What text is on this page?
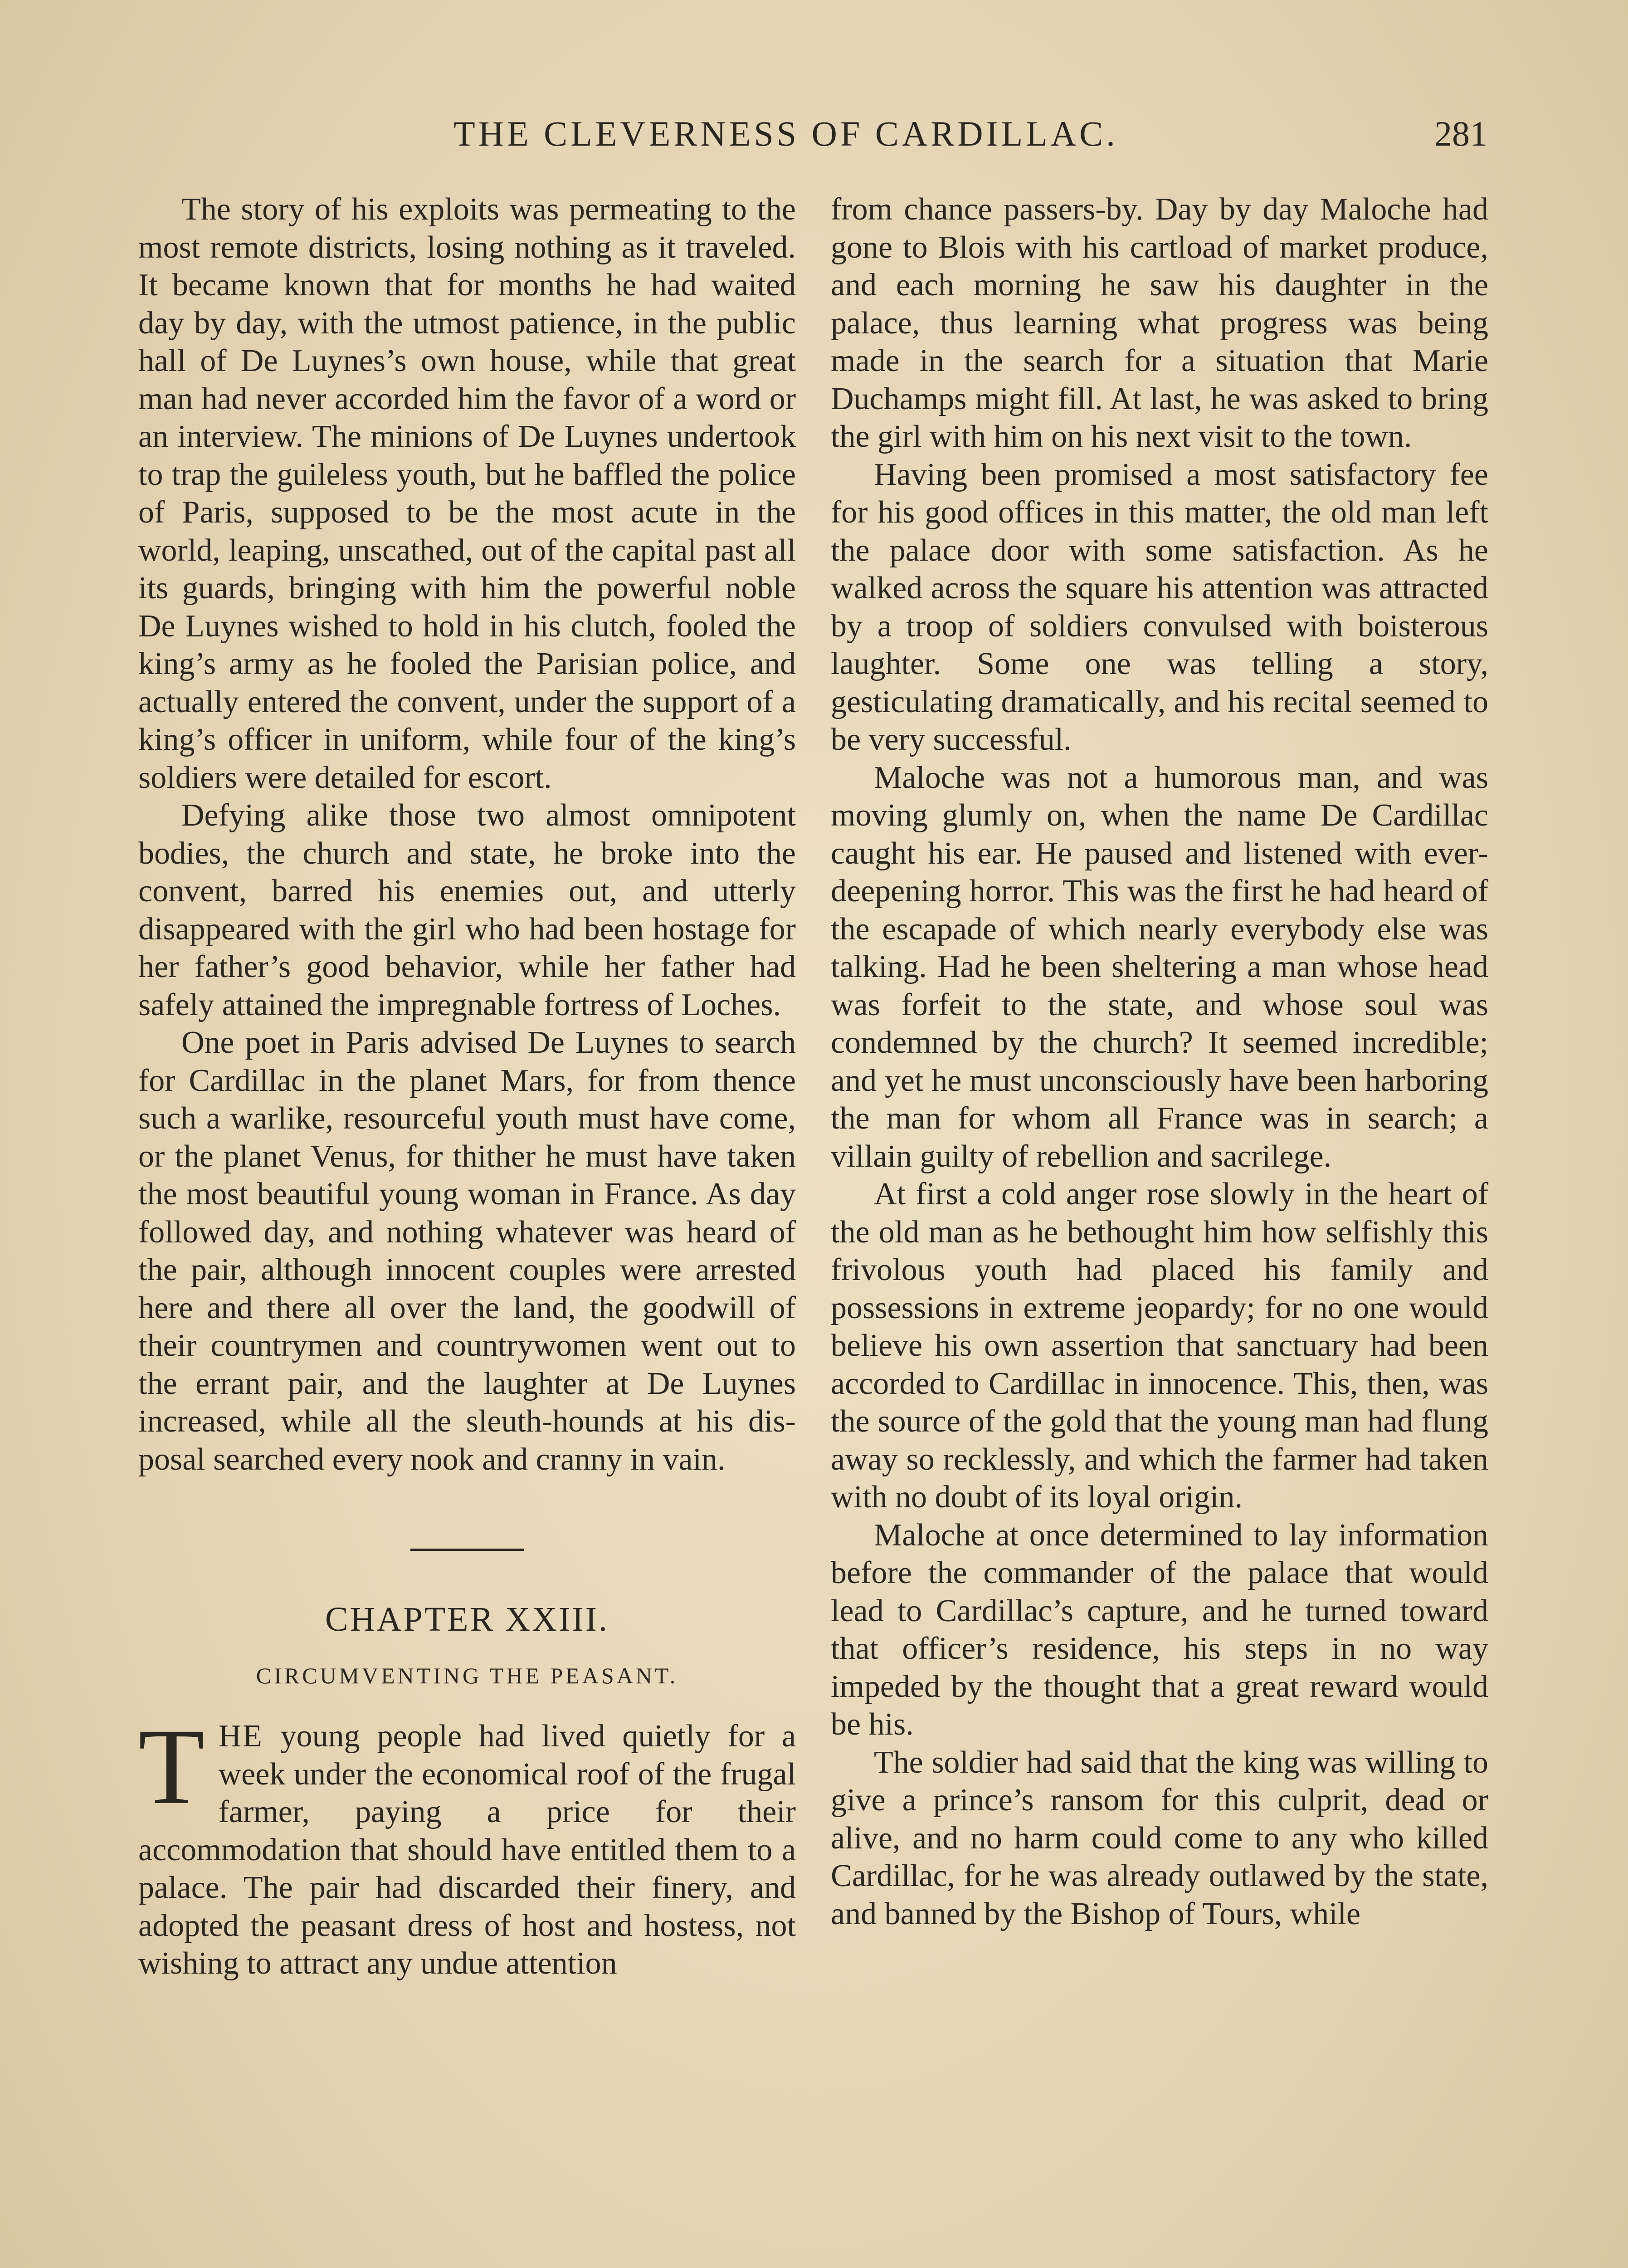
THE CLEVERNESS OF CARDILLAC.	281

The story of his exploits was permeating to the most remote districts, losing nothing as it traveled. It became known that for months he had waited day by day, with the utmost patience, in the public hall of De Luynes’s own house, while that great man had never accorded him the favor of a word or an interview. The minions of De Luynes undertook to trap the guileless youth, but he baffled the police of Paris, supposed to be the most acute in the world, leaping, unscathed, out of the capital past all its guards, bringing with him the powerful noble De Luynes wished to hold in his clutch, fooled the king’s army as he fooled the Parisian police, and actually entered the convent, under the support of a king’s officer in uniform, while four of the king’s soldiers were detailed for escort.

Defying alike those two almost omnipotent bodies, the church and state, he broke into the convent, barred his enemies out, and utterly disappeared with the girl who had been hostage for her father’s good behavior, while her father had safely attained the impregnable fortress of Loches.

One poet in Paris advised De Luynes to search for Cardillac in the planet Mars, for from thence such a warlike, resourceful youth must have come, or the planet Venus, for thither he must have taken the most beautiful young woman in France. As day followed day, and nothing whatever was heard of the pair, although innocent couples were arrested here and there all over the land, the goodwill of their countrymen and countrywomen went out to the errant pair, and the laughter at De Luynes increased, while all the sleuth-hounds at his disposal searched every nook and cranny in vain.

CHAPTER XXIII.
CIRCUMVENTING THE PEASANT.

THE young people had lived quietly for a week under the economical roof of the frugal farmer, paying a price for their accommodation that should have entitled them to a palace. The pair had discarded their finery, and adopted the peasant dress of host and hostess, not wishing to attract any undue attention

from chance passers-by. Day by day Maloche had gone to Blois with his cartload of market produce, and each morning he saw his daughter in the palace, thus learning what progress was being made in the search for a situation that Marie Duchamps might fill. At last, he was asked to bring the girl with him on his next visit to the town.

Having been promised a most satisfactory fee for his good offices in this matter, the old man left the palace door with some satisfaction. As he walked across the square his attention was attracted by a troop of soldiers convulsed with boisterous laughter. Some one was telling a story, gesticulating dramatically, and his recital seemed to be very successful.

Maloche was not a humorous man, and was moving glumly on, when the name De Cardillac caught his ear. He paused and listened with ever-deepening horror. This was the first he had heard of the escapade of which nearly everybody else was talking. Had he been sheltering a man whose head was forfeit to the state, and whose soul was condemned by the church? It seemed incredible; and yet he must unconsciously have been harboring the man for whom all France was in search; a villain guilty of rebellion and sacrilege.

At first a cold anger rose slowly in the heart of the old man as he bethought him how selfishly this frivolous youth had placed his family and possessions in extreme jeopardy; for no one would believe his own assertion that sanctuary had been accorded to Cardillac in innocence. This, then, was the source of the gold that the young man had flung away so recklessly, and which the farmer had taken with no doubt of its loyal origin.

Maloche at once determined to lay information before the commander of the palace that would lead to Cardillac’s capture, and he turned toward that officer’s residence, his steps in no way impeded by the thought that a great reward would be his.

The soldier had said that the king was willing to give a prince’s ransom for this culprit, dead or alive, and no harm could come to any who killed Cardillac, for he was already outlawed by the state, and banned by the Bishop of Tours, while
